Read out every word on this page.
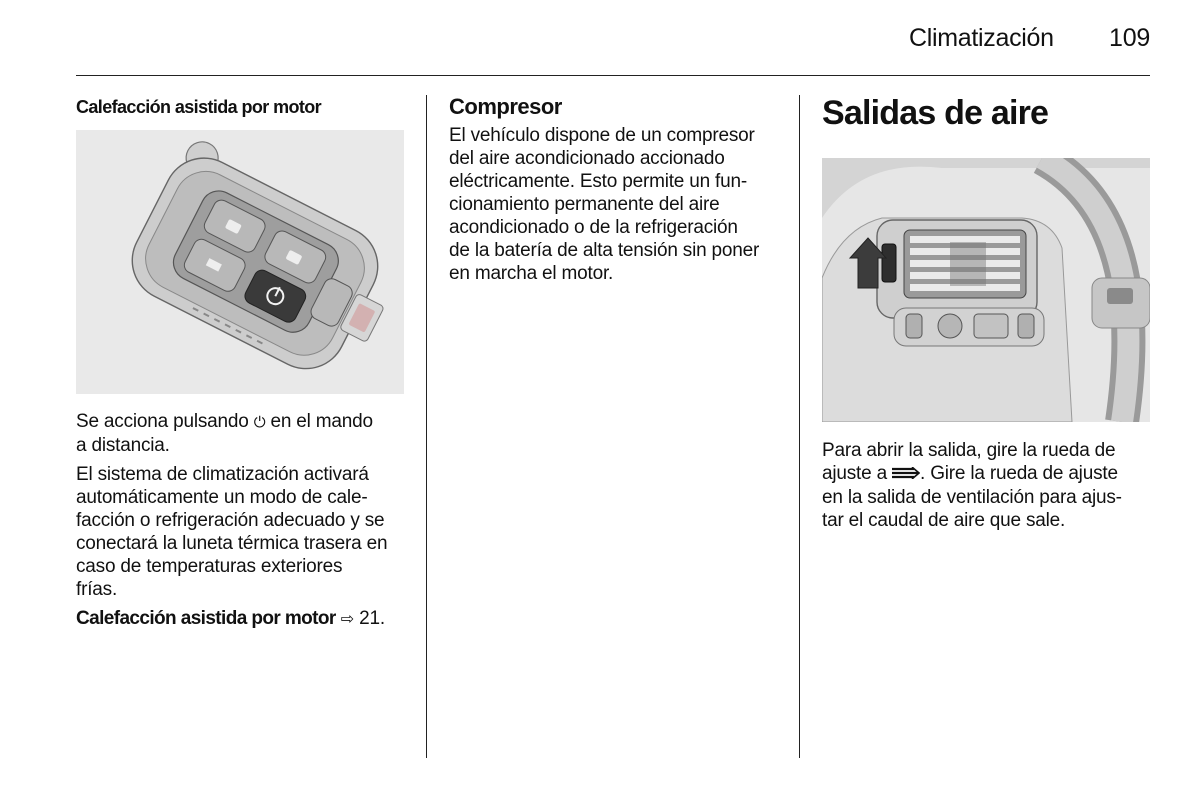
Climatización 109

Calefacción asistida por motor

Se acciona pulsando ⏻ en el mando
a distancia.

El sistema de climatización activará
automáticamente un modo de cale-
facción o refrigeración adecuado y se
conectará la luneta térmica trasera en
caso de temperaturas exteriores
frías.

Calefacción asistida por motor ⇨ 21.

Compresor

El vehículo dispone de un compresor
del aire acondicionado accionado
eléctricamente. Esto permite un fun-
cionamiento permanente del aire
acondicionado o de la refrigeración
de la batería de alta tensión sin poner
en marcha el motor.

Salidas de aire

Para abrir la salida, gire la rueda de
ajuste a . Gire la rueda de ajuste
en la salida de ventilación para ajus-
tar el caudal de aire que sale.
